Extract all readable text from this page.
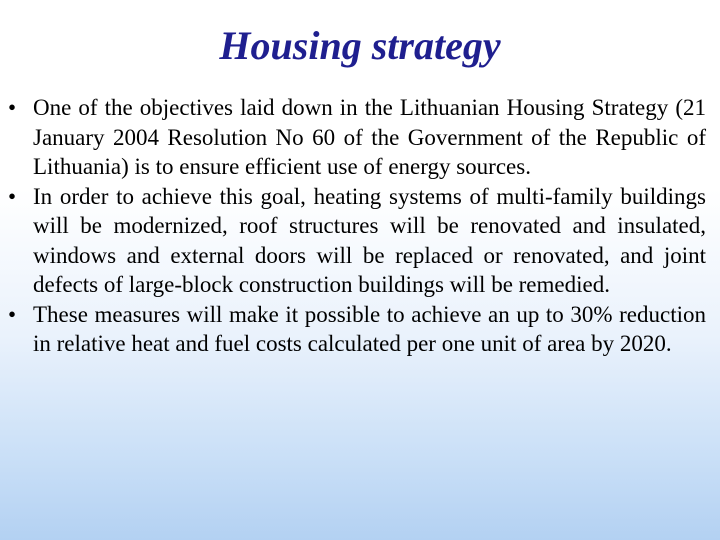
Housing strategy
• One of the objectives laid down in the Lithuanian Housing Strategy (21 January 2004 Resolution No 60 of the Government of the Republic of Lithuania) is to ensure efficient use of energy sources.
• In order to achieve this goal, heating systems of multi-family buildings will be modernized, roof structures will be renovated and insulated, windows and external doors will be replaced or renovated, and joint defects of large-block construction buildings will be remedied.
• These measures will make it possible to achieve an up to 30% reduction in relative heat and fuel costs calculated per one unit of area by 2020.
